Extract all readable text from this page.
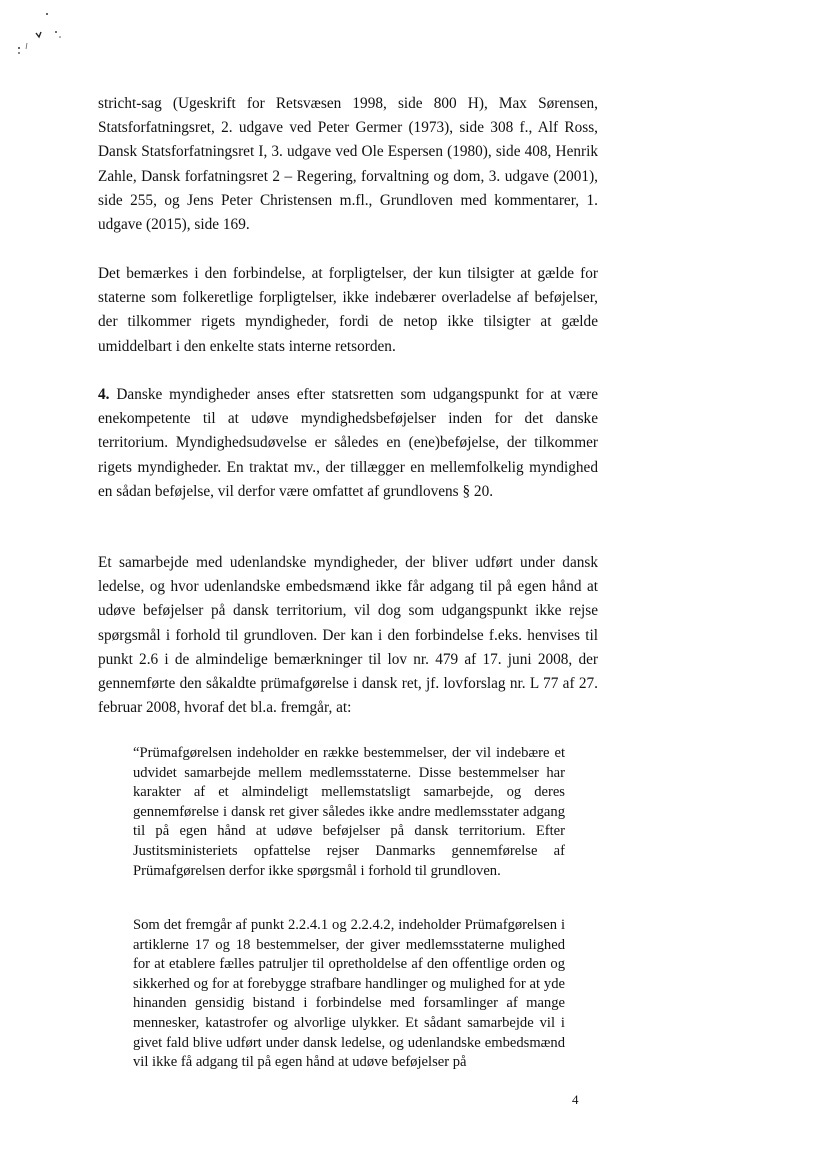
stricht-sag (Ugeskrift for Retsvæsen 1998, side 800 H), Max Sørensen, Statsforfatningsret, 2. udgave ved Peter Germer (1973), side 308 f., Alf Ross, Dansk Statsforfatningsret I, 3. udgave ved Ole Espersen (1980), side 408, Henrik Zahle, Dansk forfatningsret 2 – Regering, forvaltning og dom, 3. udgave (2001), side 255, og Jens Peter Christensen m.fl., Grundloven med kommentarer, 1. udgave (2015), side 169.

Det bemærkes i den forbindelse, at forpligtelser, der kun tilsigter at gælde for staterne som folkeretlige forpligtelser, ikke indebærer overladelse af beføjelser, der tilkommer rigets myndigheder, fordi de netop ikke tilsigter at gælde umiddelbart i den enkelte stats interne retsorden.

4. Danske myndigheder anses efter statsretten som udgangspunkt for at være enekompetente til at udøve myndighedsbeføjelser inden for det danske territorium. Myndighedsudøvelse er således en (ene)beføjelse, der tilkommer rigets myndigheder. En traktat mv., der tillægger en mellemfolkelig myndighed en sådan beføjelse, vil derfor være omfattet af grundlovens § 20.

Et samarbejde med udenlandske myndigheder, der bliver udført under dansk ledelse, og hvor udenlandske embedsmænd ikke får adgang til på egen hånd at udøve beføjelser på dansk territorium, vil dog som udgangspunkt ikke rejse spørgsmål i forhold til grundloven. Der kan i den forbindelse f.eks. henvises til punkt 2.6 i de almindelige bemærkninger til lov nr. 479 af 17. juni 2008, der gennemførte den såkaldte prümafgørelse i dansk ret, jf. lovforslag nr. L 77 af 27. februar 2008, hvoraf det bl.a. fremgår, at:

“Prümafgørelsen indeholder en række bestemmelser, der vil indebære et udvidet samarbejde mellem medlemsstaterne. Disse bestemmelser har karakter af et almindeligt mellemstatsligt samarbejde, og deres gennemførelse i dansk ret giver således ikke andre medlemsstater adgang til på egen hånd at udøve beføjelser på dansk territorium. Efter Justitsministeriets opfattelse rejser Danmarks gennemførelse af Prümafgørelsen derfor ikke spørgsmål i forhold til grundloven.

Som det fremgår af punkt 2.2.4.1 og 2.2.4.2, indeholder Prümafgørelsen i artiklerne 17 og 18 bestemmelser, der giver medlemsstaterne mulighed for at etablere fælles patruljer til opretholdelse af den offentlige orden og sikkerhed og for at forebygge strafbare handlinger og mulighed for at yde hinanden gensidig bistand i forbindelse med forsamlinger af mange mennesker, katastrofer og alvorlige ulykker. Et sådant samarbejde vil i givet fald blive udført under dansk ledelse, og udenlandske embedsmænd vil ikke få adgang til på egen hånd at udøve beføjelser på

4
